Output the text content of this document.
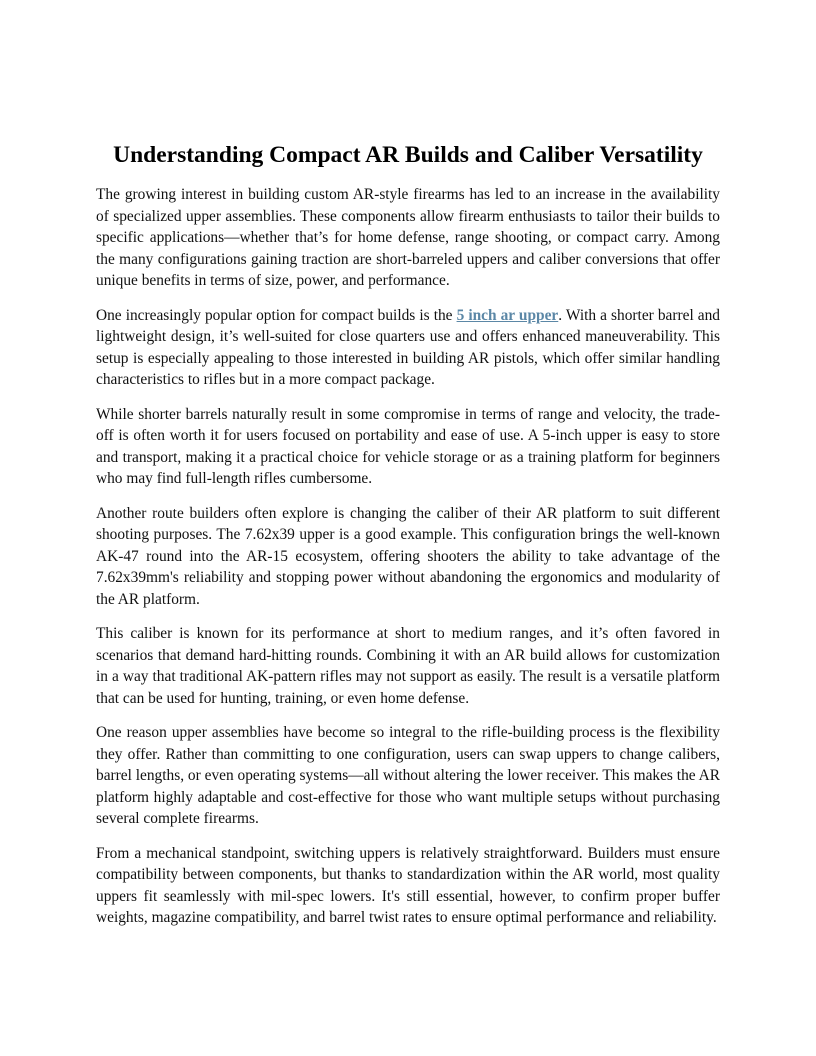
Understanding Compact AR Builds and Caliber Versatility

The growing interest in building custom AR-style firearms has led to an increase in the availability of specialized upper assemblies. These components allow firearm enthusiasts to tailor their builds to specific applications—whether that’s for home defense, range shooting, or compact carry. Among the many configurations gaining traction are short-barreled uppers and caliber conversions that offer unique benefits in terms of size, power, and performance.

One increasingly popular option for compact builds is the 5 inch ar upper. With a shorter barrel and lightweight design, it’s well-suited for close quarters use and offers enhanced maneuverability. This setup is especially appealing to those interested in building AR pistols, which offer similar handling characteristics to rifles but in a more compact package.

While shorter barrels naturally result in some compromise in terms of range and velocity, the trade-off is often worth it for users focused on portability and ease of use. A 5-inch upper is easy to store and transport, making it a practical choice for vehicle storage or as a training platform for beginners who may find full-length rifles cumbersome.

Another route builders often explore is changing the caliber of their AR platform to suit different shooting purposes. The 7.62x39 upper is a good example. This configuration brings the well-known AK-47 round into the AR-15 ecosystem, offering shooters the ability to take advantage of the 7.62x39mm's reliability and stopping power without abandoning the ergonomics and modularity of the AR platform.

This caliber is known for its performance at short to medium ranges, and it’s often favored in scenarios that demand hard-hitting rounds. Combining it with an AR build allows for customization in a way that traditional AK-pattern rifles may not support as easily. The result is a versatile platform that can be used for hunting, training, or even home defense.

One reason upper assemblies have become so integral to the rifle-building process is the flexibility they offer. Rather than committing to one configuration, users can swap uppers to change calibers, barrel lengths, or even operating systems—all without altering the lower receiver. This makes the AR platform highly adaptable and cost-effective for those who want multiple setups without purchasing several complete firearms.

From a mechanical standpoint, switching uppers is relatively straightforward. Builders must ensure compatibility between components, but thanks to standardization within the AR world, most quality uppers fit seamlessly with mil-spec lowers. It's still essential, however, to confirm proper buffer weights, magazine compatibility, and barrel twist rates to ensure optimal performance and reliability.
